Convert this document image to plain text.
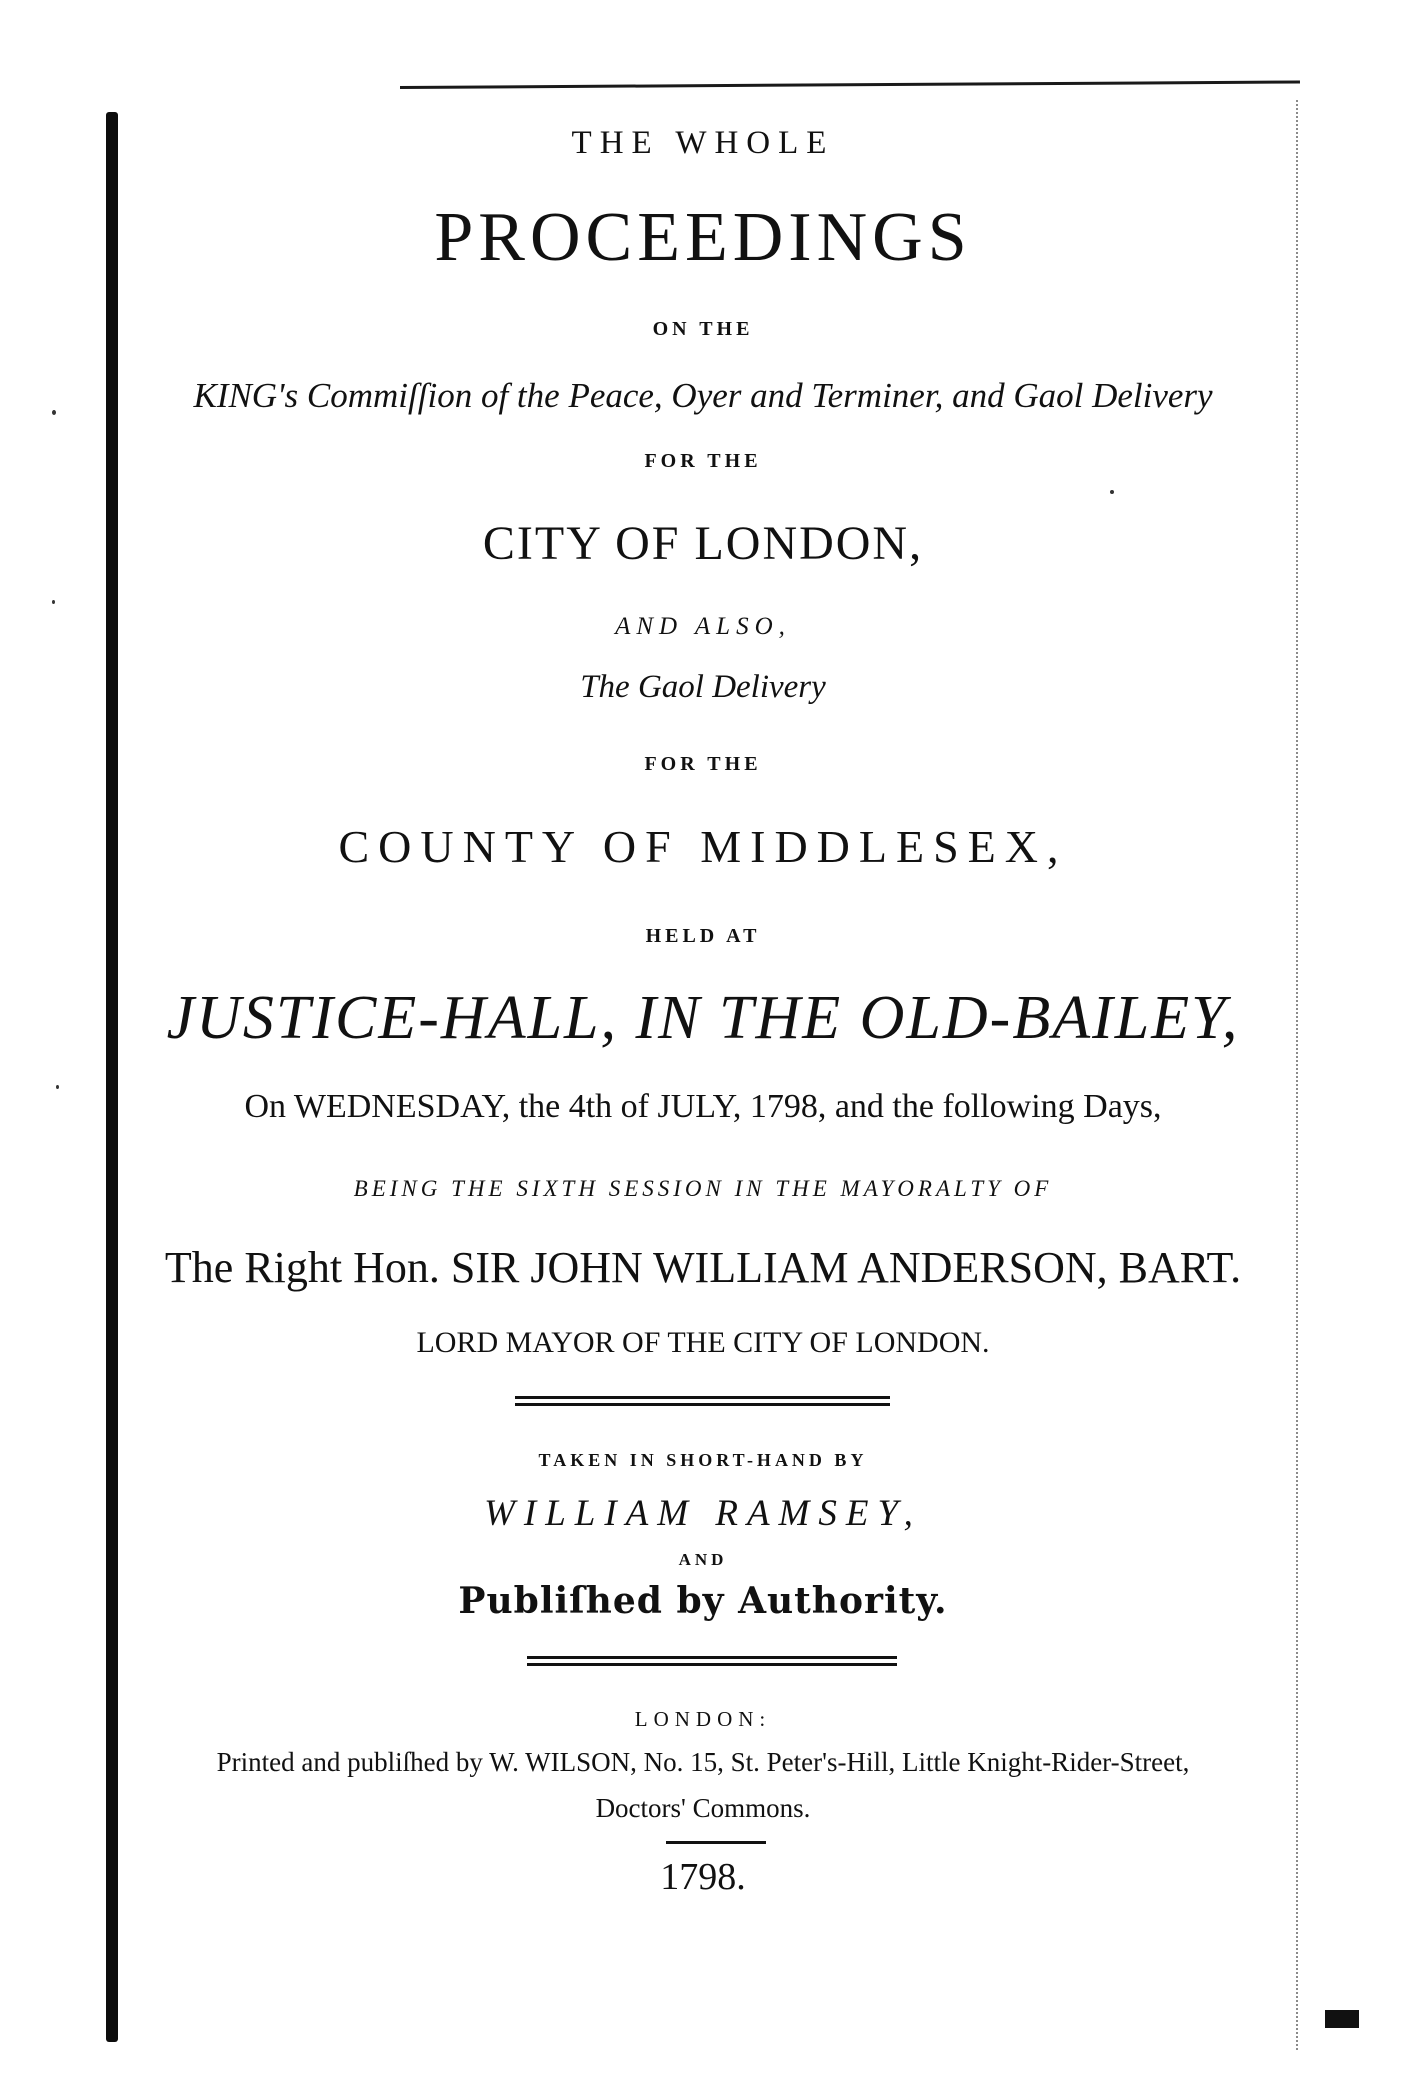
THE WHOLE
PROCEEDINGS
ON THE
KING's Commiſſion of the Peace, Oyer and Terminer, and Gaol Delivery
FOR THE
CITY OF LONDON,
AND ALSO,
The Gaol Delivery
FOR THE
COUNTY OF MIDDLESEX,
HELD AT
JUSTICE-HALL, IN THE OLD-BAILEY,
On WEDNESDAY, the 4th of JULY, 1798, and the following Days,
BEING THE SIXTH SESSION IN THE MAYORALTY OF
The Right Hon. SIR JOHN WILLIAM ANDERSON, BART.
LORD MAYOR OF THE CITY OF LONDON.
TAKEN IN SHORT-HAND BY
WILLIAM RAMSEY,
AND
Publiſhed by Authority.
LONDON:
Printed and publiſhed by W. WILSON, No. 15, St. Peter's-Hill, Little Knight-Rider-Street,
Doctors' Commons.
1798.
